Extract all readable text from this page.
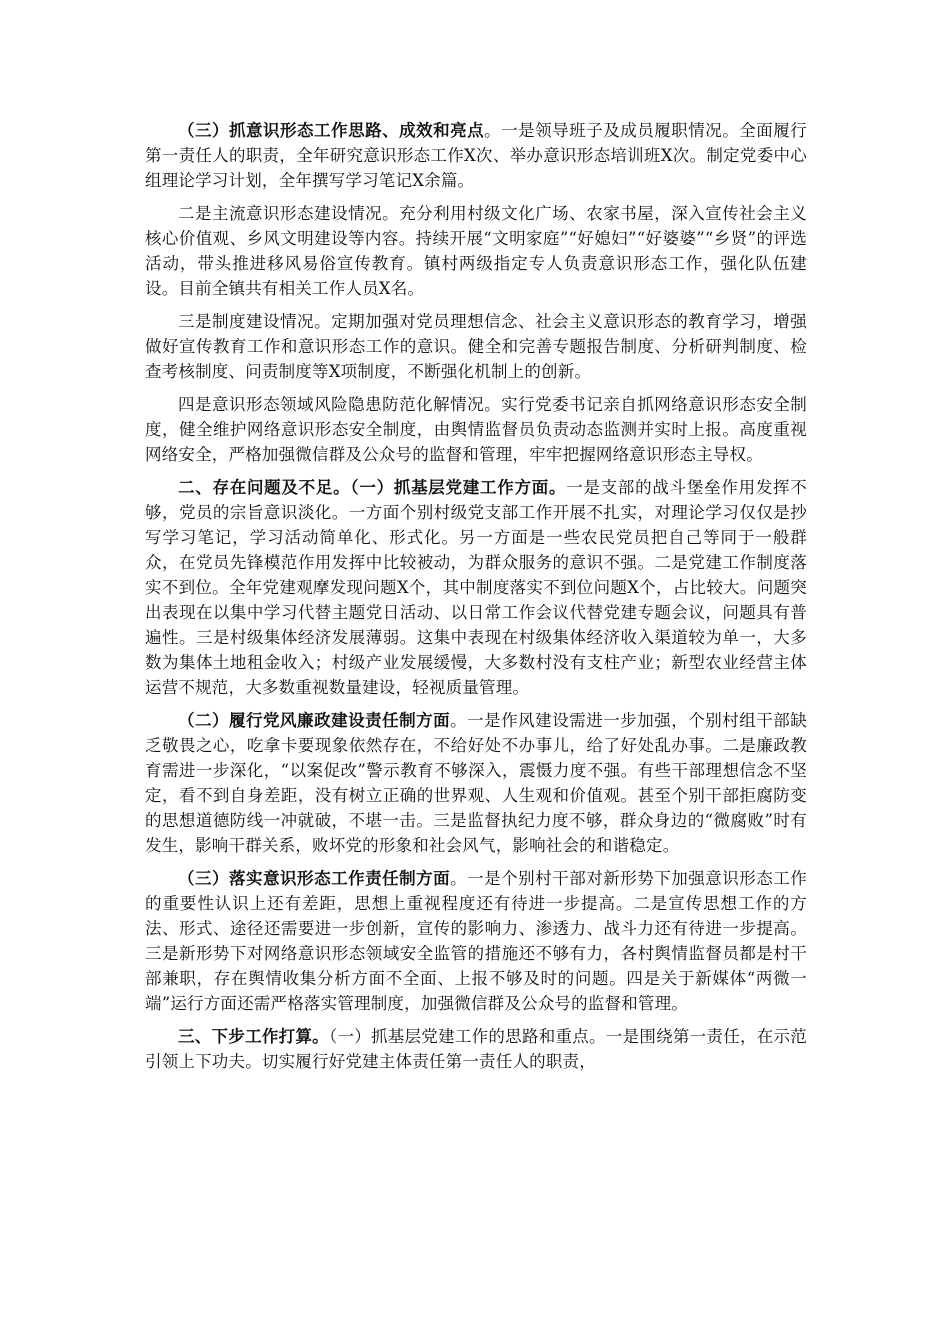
（三）抓意识形态工作思路、成效和亮点。一是领导班子及成员履职情况。全面履行第一责任人的职责，全年研究意识形态工作X次、举办意识形态培训班X次。制定党委中心组理论学习计划，全年撰写学习笔记X余篇。

二是主流意识形态建设情况。充分利用村级文化广场、农家书屋，深入宣传社会主义核心价值观、乡风文明建设等内容。持续开展“文明家庭”“好媳妇”“好婆婆”“乡贤”的评选活动，带头推进移风易俗宣传教育。镇村两级指定专人负责意识形态工作，强化队伍建设。目前全镇共有相关工作人员X名。

三是制度建设情况。定期加强对党员理想信念、社会主义意识形态的教育学习，增强做好宣传教育工作和意识形态工作的意识。健全和完善专题报告制度、分析研判制度、检查考核制度、问责制度等X项制度，不断强化机制上的创新。

四是意识形态领域风险隐患防范化解情况。实行党委书记亲自抓网络意识形态安全制度，健全维护网络意识形态安全制度，由舆情监督员负责动态监测并实时上报。高度重视网络安全，严格加强微信群及公众号的监督和管理，牢牢把握网络意识形态主导权。

二、存在问题及不足。（一）抓基层党建工作方面。一是支部的战斗堡垒作用发挥不够，党员的宗旨意识淡化。一方面个别村级党支部工作开展不扎实，对理论学习仅仅是抄写学习笔记，学习活动简单化、形式化。另一方面是一些农民党员把自己等同于一般群众，在党员先锋模范作用发挥中比较被动，为群众服务的意识不强。二是党建工作制度落实不到位。全年党建观摩发现问题X个，其中制度落实不到位问题X个，占比较大。问题突出表现在以集中学习代替主题党日活动、以日常工作会议代替党建专题会议，问题具有普遍性。三是村级集体经济发展薄弱。这集中表现在村级集体经济收入渠道较为单一，大多数为集体土地租金收入；村级产业发展缓慢，大多数村没有支柱产业；新型农业经营主体运营不规范，大多数重视数量建设，轻视质量管理。

（二）履行党风廉政建设责任制方面。一是作风建设需进一步加强，个别村组干部缺乏敬畏之心，吃拿卡要现象依然存在，不给好处不办事儿，给了好处乱办事。二是廉政教育需进一步深化，“以案促改”警示教育不够深入，震慑力度不强。有些干部理想信念不坚定，看不到自身差距，没有树立正确的世界观、人生观和价值观。甚至个别干部拒腐防变的思想道德防线一冲就破，不堪一击。三是监督执纪力度不够，群众身边的“微腐败”时有发生，影响干群关系，败坏党的形象和社会风气，影响社会的和谐稳定。

（三）落实意识形态工作责任制方面。一是个别村干部对新形势下加强意识形态工作的重要性认识上还有差距，思想上重视程度还有待进一步提高。二是宣传思想工作的方法、形式、途径还需要进一步创新，宣传的影响力、渗透力、战斗力还有待进一步提高。三是新形势下对网络意识形态领域安全监管的措施还不够有力，各村舆情监督员都是村干部兼职，存在舆情收集分析方面不全面、上报不够及时的问题。四是关于新媒体“两微一端”运行方面还需严格落实管理制度，加强微信群及公众号的监督和管理。

三、下步工作打算。（一）抓基层党建工作的思路和重点。一是围绕第一责任，在示范引领上下功夫。切实履行好党建主体责任第一责任人的职责，
